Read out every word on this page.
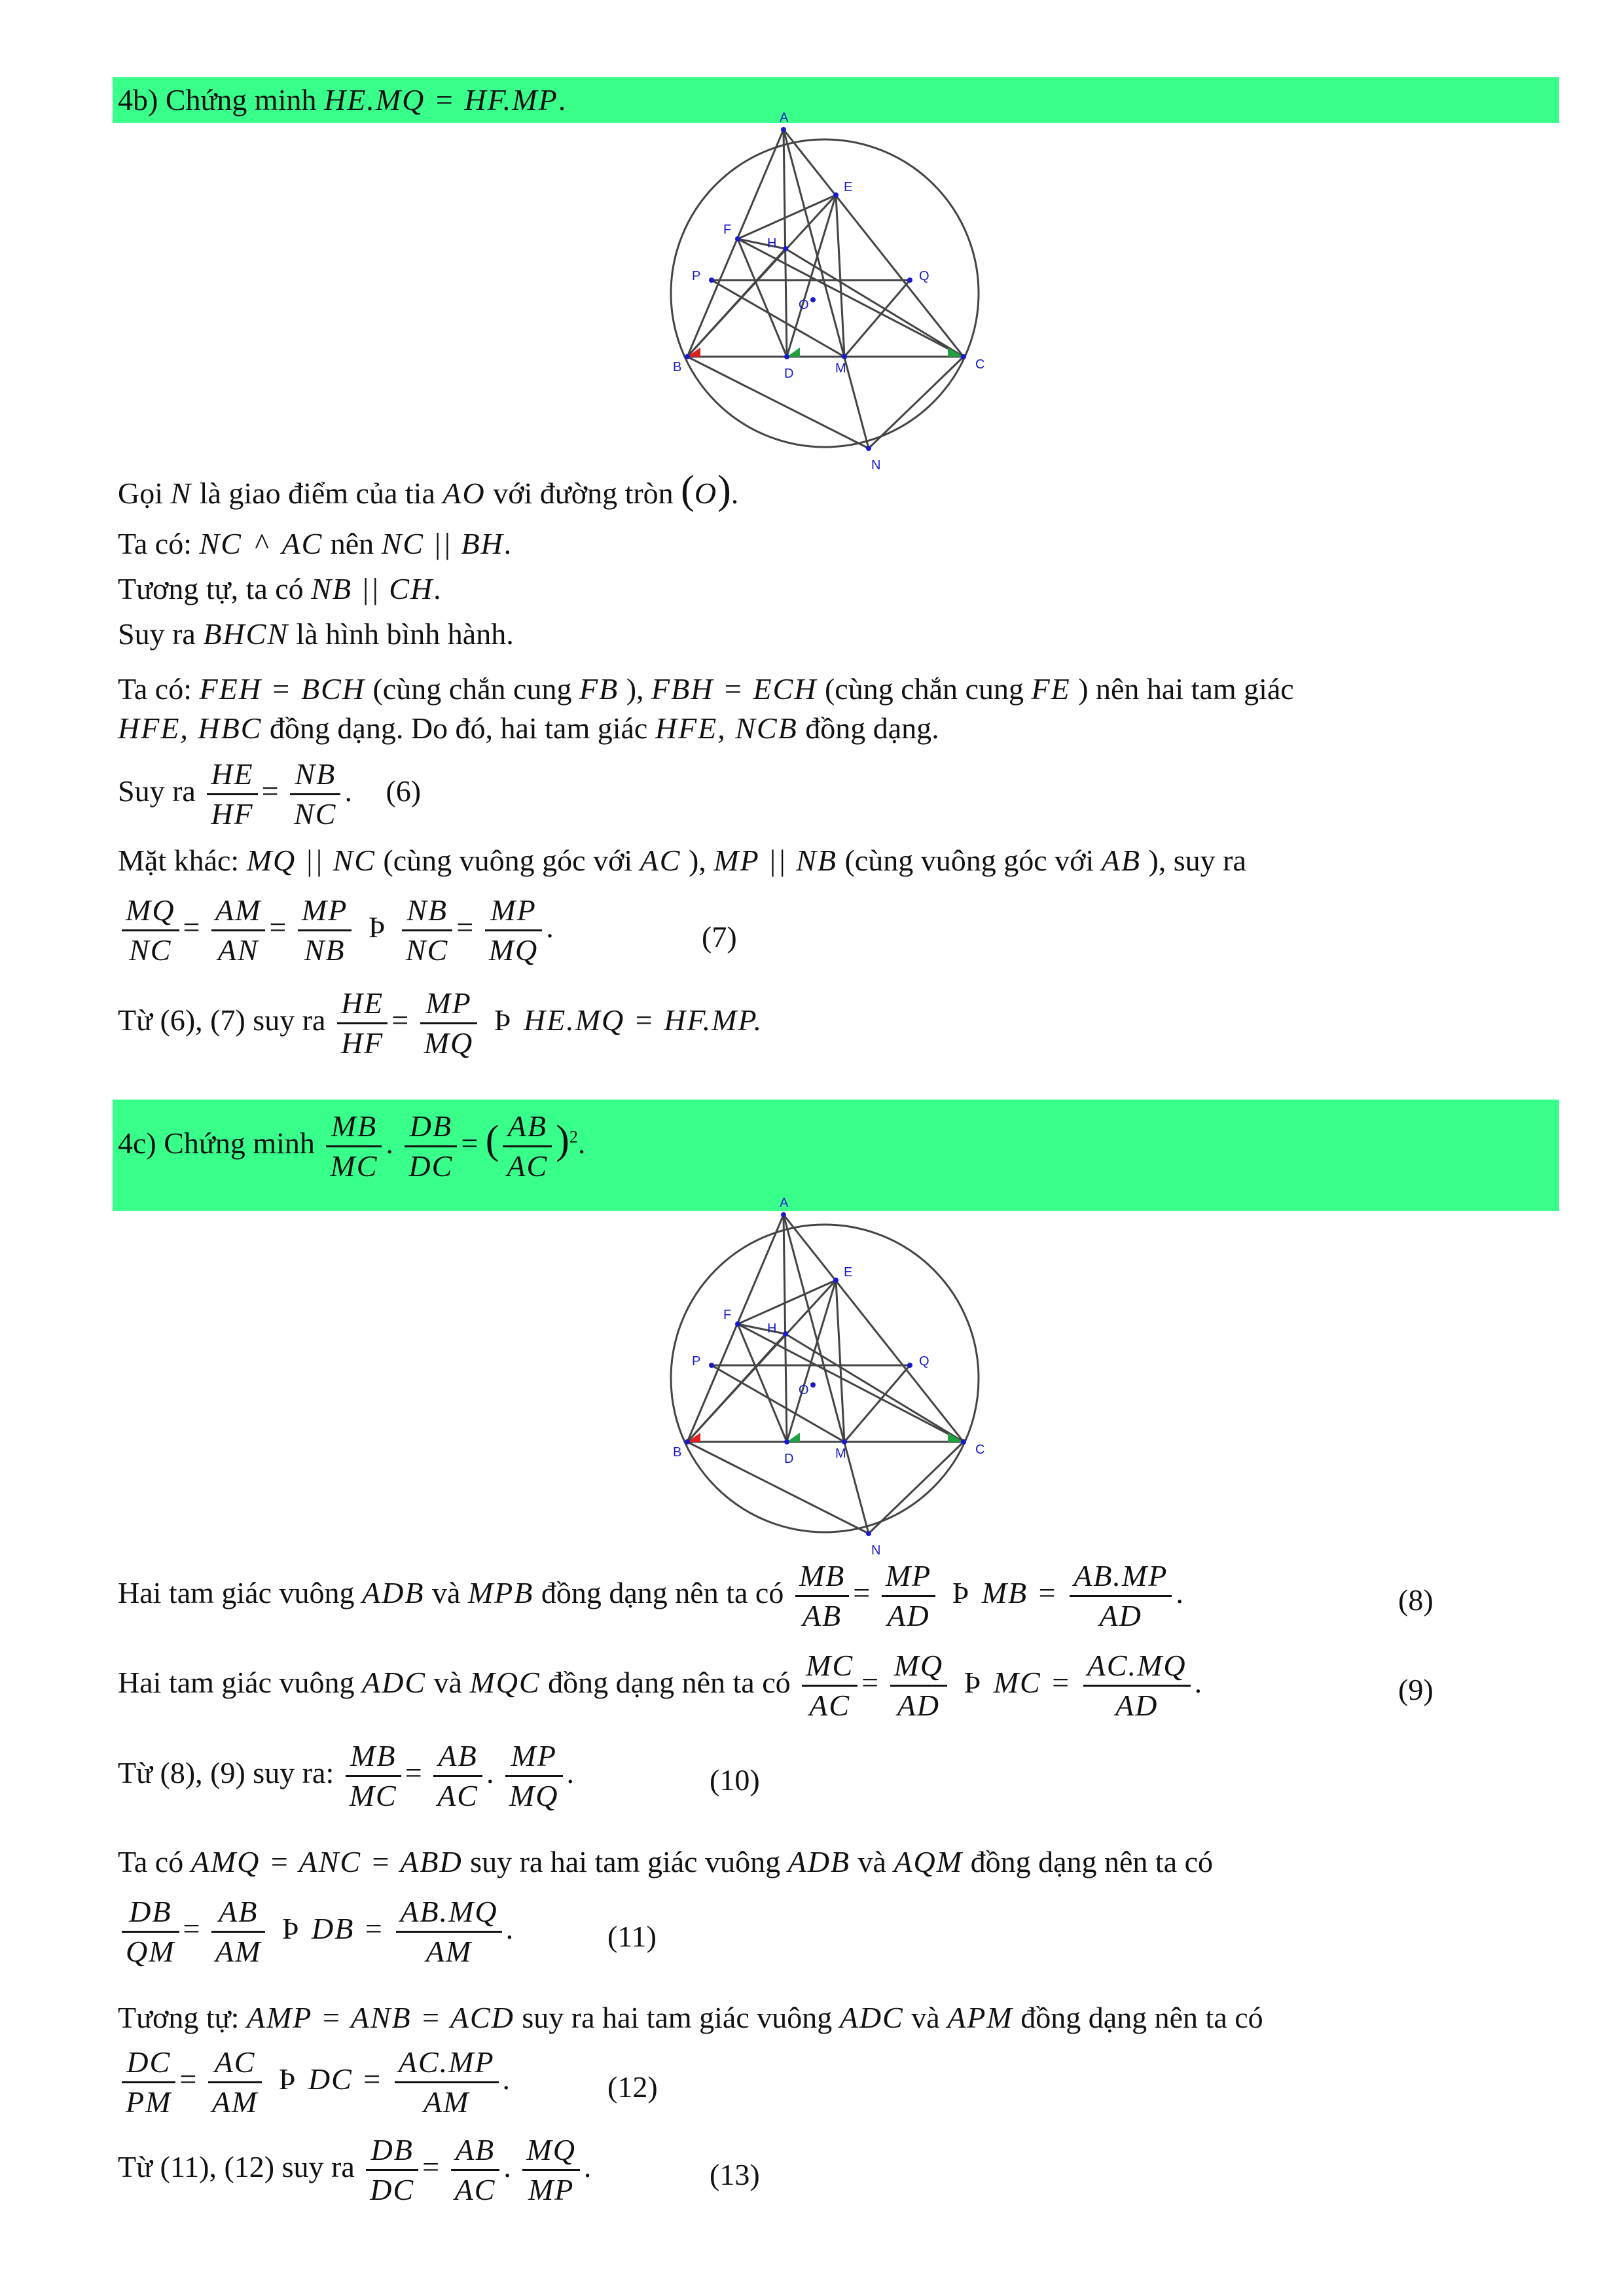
4b) Chứng minh HE.MQ = HF.MP.
A
E
F
H
P	Q
O
B	D	M	C
N
Gọi N là giao điểm của tia AO với đường tròn (O).
Ta có: NC ^ AC nên NC || BH.
Tương tự, ta có NB || CH.
Suy ra BHCN là hình bình hành.
Ta có: FEH = BCH (cùng chắn cung FB ), FBH = ECH (cùng chắn cung FE ) nên hai tam giác
HFE, HBC đồng dạng. Do đó, hai tam giác HFE, NCB đồng dạng.
Suy ra $\frac{HE}{HF} = \frac{NB}{NC}$ . (6)
Mặt khác: MQ || NC (cùng vuông góc với AC ), MP || NB (cùng vuông góc với AB ), suy ra
$\frac{MQ}{NC} = \frac{AM}{AN} = \frac{MP}{NB}$ Þ $\frac{NB}{NC} = \frac{MP}{MQ}$ .	(7)
Từ (6), (7) suy ra $\frac{HE}{HF} = \frac{MP}{MQ}$ Þ HE.MQ = HF.MP.
4c) Chứng minh $\frac{MB}{MC}$ . $\frac{DB}{DC}$ = ( $\frac{AB}{AC} )^2$.
A
E
F
H
P	Q
O
B	D	M	C
N
Hai tam giác vuông ADB và MPB đồng dạng nên ta có $\frac{MB}{AB} = \frac{MP}{AD}$ Þ MB = $\frac{AB.MP}{AD}$ .	(8)
Hai tam giác vuông ADC và MQC đồng dạng nên ta có $\frac{MC}{AC} = \frac{MQ}{AD}$ Þ MC = $\frac{AC.MQ}{AD}$ .	(9)
Từ (8), (9) suy ra: $\frac{MB}{MC} = \frac{AB}{AC}$ . $\frac{MP}{MQ}$ .	(10)
Ta có AMQ = ANC = ABD suy ra hai tam giác vuông ADB và AQM đồng dạng nên ta có
$\frac{DB}{QM} = \frac{AB}{AM}$ Þ DB = $\frac{AB.MQ}{AM}$ .	(11)
Tương tự: AMP = ANB = ACD suy ra hai tam giác vuông ADC và APM đồng dạng nên ta có
$\frac{DC}{PM} = \frac{AC}{AM}$ Þ DC = $\frac{AC.MP}{AM}$ .	(12)
Từ (11), (12) suy ra $\frac{DB}{DC} = \frac{AB}{AC}$ . $\frac{MQ}{MP}$ .	(13)
